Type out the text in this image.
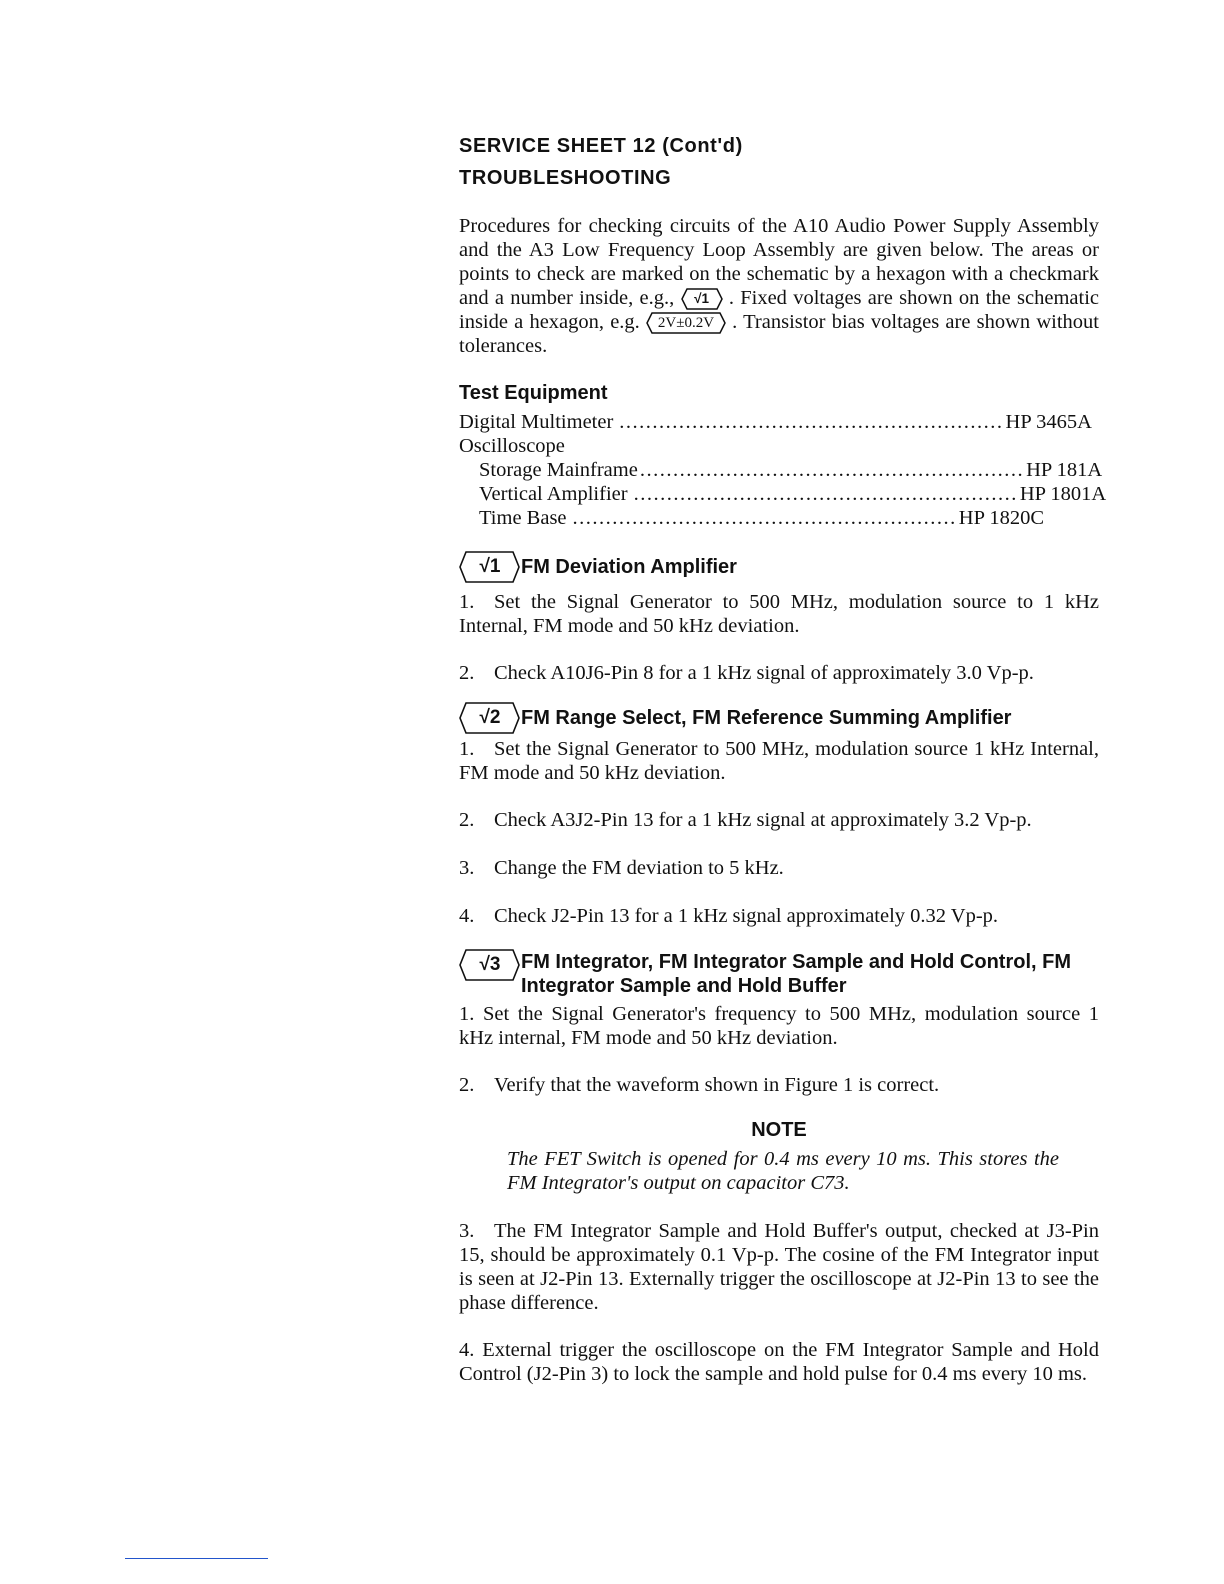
SERVICE SHEET 12 (Cont'd)

TROUBLESHOOTING

Procedures for checking circuits of the A10 Audio Power Supply Assembly and the A3 Low Frequency Loop Assembly are given below. The areas or points to check are marked on the schematic by a hexagon with a checkmark and a number inside, e.g.,	√1 . Fixed voltages are shown on the schematic inside a hexagon, e.g.	2V±0.2V . Transistor bias voltages are shown without tolerances.

Test Equipment

Digital Multimeter .......................................................... HP 3465A
Oscilloscope
Storage Mainframe .......................................................... HP 181A
Vertical Amplifier .......................................................... HP 1801A
Time Base .......................................................... HP 1820C
√1	FM Deviation Amplifier

1. Set the Signal Generator to 500 MHz, modulation source to 1 kHz Internal, FM mode and 50 kHz deviation.

2. Check A10J6-Pin 8 for a 1 kHz signal of approximately 3.0 Vp-p.

√2	FM Range Select, FM Reference Summing Amplifier

1. Set the Signal Generator to 500 MHz, modulation source 1 kHz Internal, FM mode and 50 kHz deviation.

2. Check A3J2-Pin 13 for a 1 kHz signal at approximately 3.2 Vp-p.

3. Change the FM deviation to 5 kHz.

4. Check J2-Pin 13 for a 1 kHz signal approximately 0.32 Vp-p.

√3	FM Integrator, FM Integrator Sample and Hold Control, FM Integrator Sample and Hold Buffer

1. Set the Signal Generator's frequency to 500 MHz, modulation source 1 kHz internal, FM mode and 50 kHz deviation.

2. Verify that the waveform shown in Figure 1 is correct.

NOTE

The FET Switch is opened for 0.4 ms every 10 ms. This stores the FM Integrator's output on capacitor C73.

3. The FM Integrator Sample and Hold Buffer's output, checked at J3-Pin 15, should be approximately 0.1 Vp-p. The cosine of the FM Integrator input is seen at J2-Pin 13. Externally trigger the oscilloscope at J2-Pin 13 to see the phase difference.

4. External trigger the oscilloscope on the FM Integrator Sample and Hold Control (J2-Pin 3) to lock the sample and hold pulse for 0.4 ms every 10 ms.
